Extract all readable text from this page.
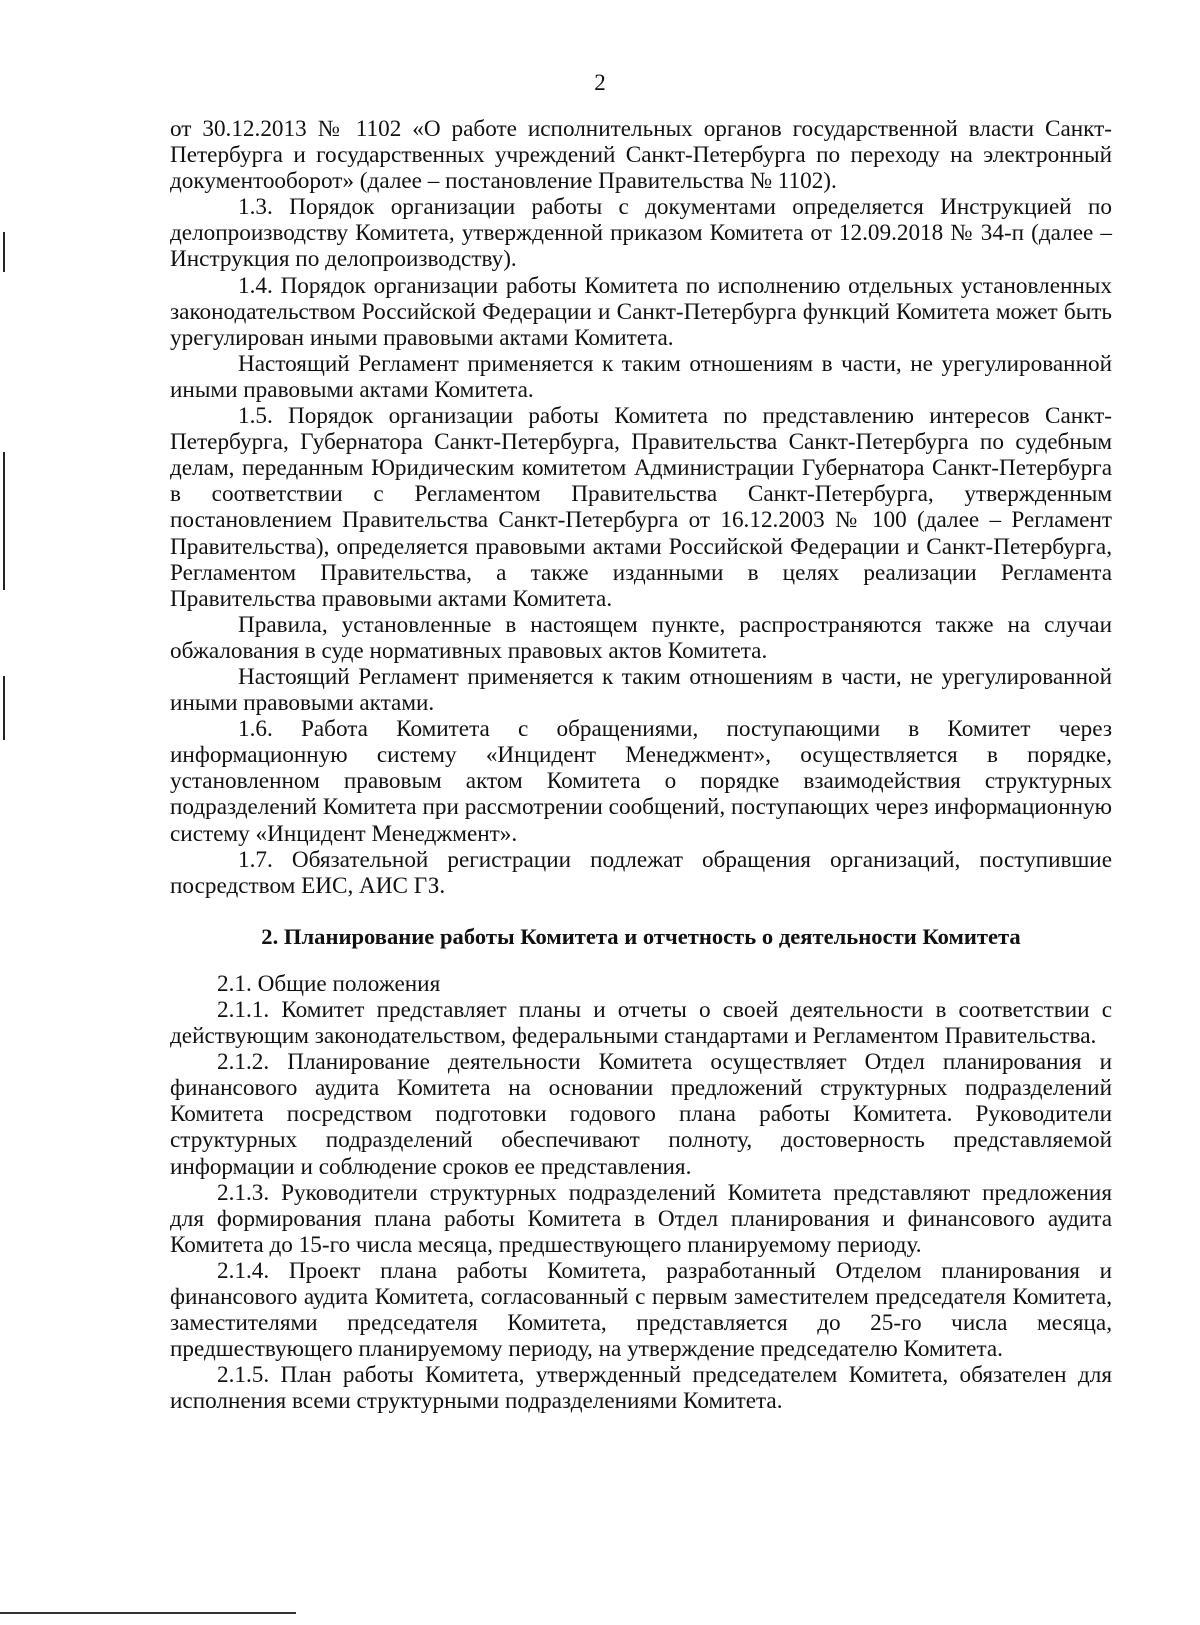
2

от 30.12.2013 № 1102 «О работе исполнительных органов государственной власти Санкт-Петербурга и государственных учреждений Санкт-Петербурга по переходу на электронный документооборот» (далее – постановление Правительства № 1102).

1.3. Порядок организации работы с документами определяется Инструкцией по делопроизводству Комитета, утвержденной приказом Комитета от 12.09.2018 № 34-п (далее – Инструкция по делопроизводству).

1.4. Порядок организации работы Комитета по исполнению отдельных установленных законодательством Российской Федерации и Санкт-Петербурга функций Комитета может быть урегулирован иными правовыми актами Комитета.

Настоящий Регламент применяется к таким отношениям в части, не урегулированной иными правовыми актами Комитета.

1.5. Порядок организации работы Комитета по представлению интересов Санкт-Петербурга, Губернатора Санкт-Петербурга, Правительства Санкт-Петербурга по судебным делам, переданным Юридическим комитетом Администрации Губернатора Санкт-Петербурга в соответствии с Регламентом Правительства Санкт-Петербурга, утвержденным постановлением Правительства Санкт-Петербурга от 16.12.2003 № 100 (далее – Регламент Правительства), определяется правовыми актами Российской Федерации и Санкт-Петербурга, Регламентом Правительства, а также изданными в целях реализации Регламента Правительства правовыми актами Комитета.

Правила, установленные в настоящем пункте, распространяются также на случаи обжалования в суде нормативных правовых актов Комитета.

Настоящий Регламент применяется к таким отношениям в части, не урегулированной иными правовыми актами.

1.6. Работа Комитета с обращениями, поступающими в Комитет через информационную систему «Инцидент Менеджмент», осуществляется в порядке, установленном правовым актом Комитета о порядке взаимодействия структурных подразделений Комитета при рассмотрении сообщений, поступающих через информационную систему «Инцидент Менеджмент».

1.7. Обязательной регистрации подлежат обращения организаций, поступившие посредством ЕИС, АИС ГЗ.

2. Планирование работы Комитета и отчетность о деятельности Комитета

2.1. Общие положения

2.1.1. Комитет представляет планы и отчеты о своей деятельности в соответствии с действующим законодательством, федеральными стандартами и Регламентом Правительства.

2.1.2. Планирование деятельности Комитета осуществляет Отдел планирования и финансового аудита Комитета на основании предложений структурных подразделений Комитета посредством подготовки годового плана работы Комитета. Руководители структурных подразделений обеспечивают полноту, достоверность представляемой информации и соблюдение сроков ее представления.

2.1.3. Руководители структурных подразделений Комитета представляют предложения для формирования плана работы Комитета в Отдел планирования и финансового аудита Комитета до 15-го числа месяца, предшествующего планируемому периоду.

2.1.4. Проект плана работы Комитета, разработанный Отделом планирования и финансового аудита Комитета, согласованный с первым заместителем председателя Комитета, заместителями председателя Комитета, представляется до 25-го числа месяца, предшествующего планируемому периоду, на утверждение председателю Комитета.

2.1.5. План работы Комитета, утвержденный председателем Комитета, обязателен для исполнения всеми структурными подразделениями Комитета.
